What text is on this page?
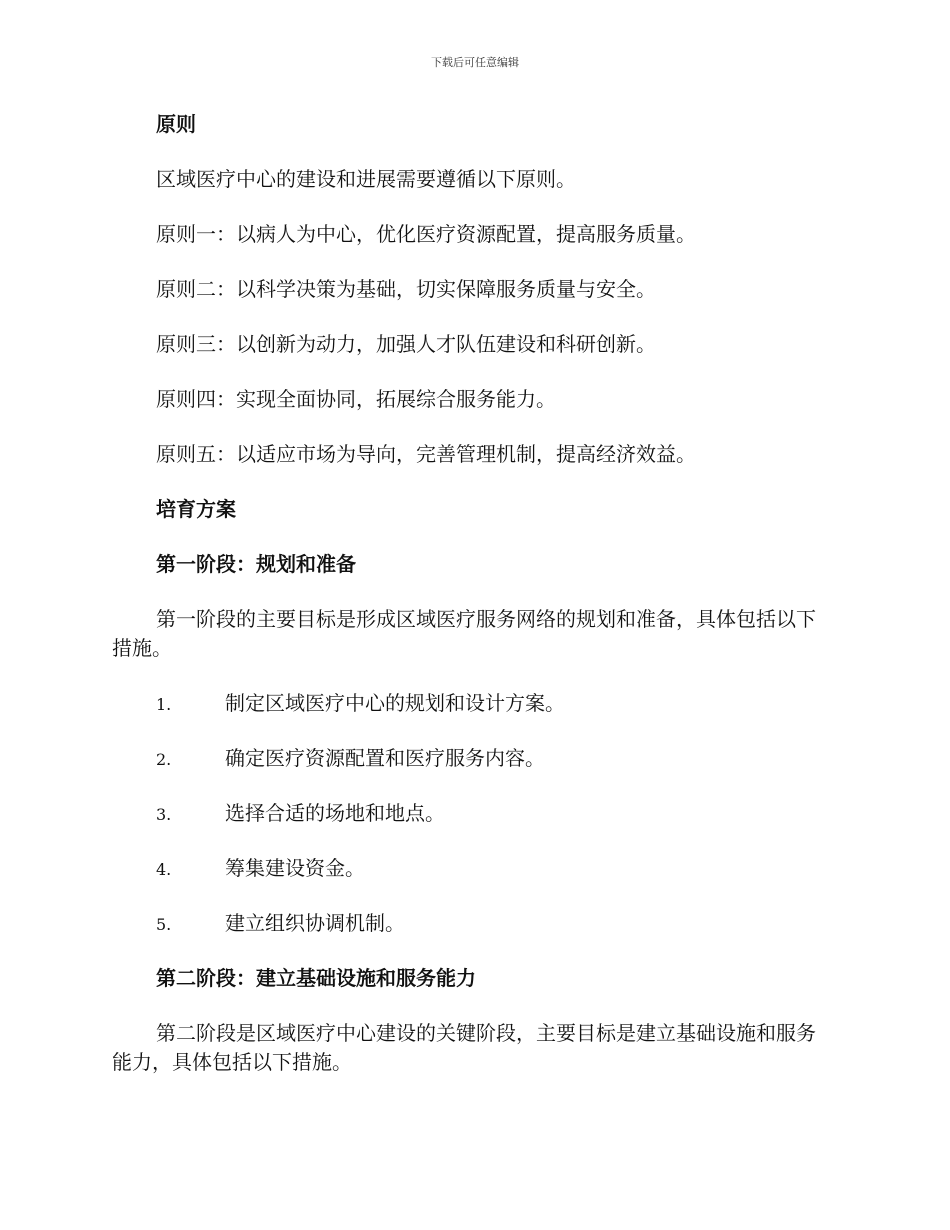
下载后可任意编辑
原则

区域医疗中心的建设和进展需要遵循以下原则。

原则一：以病人为中心，优化医疗资源配置，提高服务质量。

原则二：以科学决策为基础，切实保障服务质量与安全。

原则三：以创新为动力，加强人才队伍建设和科研创新。

原则四：实现全面协同，拓展综合服务能力。

原则五：以适应市场为导向，完善管理机制，提高经济效益。

培育方案
第一阶段：规划和准备

第一阶段的主要目标是形成区域医疗服务网络的规划和准备，具体包括以下措施。

1.	制定区域医疗中心的规划和设计方案。
2.	确定医疗资源配置和医疗服务内容。
3.	选择合适的场地和地点。
4.	筹集建设资金。
5.	建立组织协调机制。
第二阶段：建立基础设施和服务能力

第二阶段是区域医疗中心建设的关键阶段，主要目标是建立基础设施和服务能力，具体包括以下措施。
